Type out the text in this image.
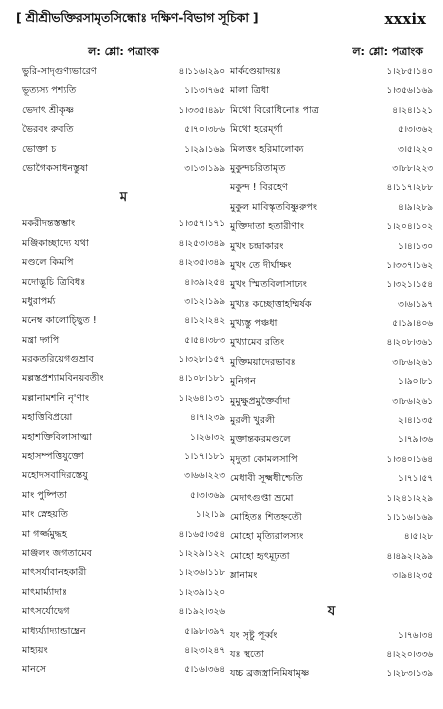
[ শ্রীশ্রীভক্তিরসামৃতসিন্ধোঃ দক্ষিণ-বিভাগ সূচিকা ]	xxxix
ল: শ্লো: পত্রাংক
ভুরি-সাদৃগুণ্যভারেণ	৪।১১৬।২৯০
ভূত্যস্য পশ্যতি	১।১৩।৭৬৫
ভেদাৎ শ্রীকৃষ্ণ	১।৩৩৫।৪৯৮
ভৈরবং রুবতি	৫।৭০।৩৮৬
ভোক্তা চ	১।২৯।১৬৯
ভোগৈকসাধনস্তুষা	৩।১৩।১৯৯
ম
মকরীদন্তস্তম্ভাং	১।৩৫৭।১৭১
মঞ্জিকাচ্ছাদ্যে যথা	৪।২৫৩।৩৪৯
মণ্ডলে কিমপি	৪।২৩৫।৩৪৯
মদোদ্ভূচি ত্রিবিধঃ	৪।৩৯।২৫৪
মধুরাপর্ম্য	৩।১২।১৯৯
মনেম্ব কালোচ্ছ্বিত !	৪।১২।২৪২
মন্ত্রা দ্গপি	৫।৫৪।৩৮৩
মরকতরিয়েগগুম্রাব	১।৩২৮।১৫৭
মল্লস্তপ্রশ্যামবিনয়বতীং	৪।১০৮।১৮১
মল্লানামশনি নৃ'ণাং	১।২৬৪।১৩১
মহাত্তিবিপ্রয়ো	৪।৭।২৩৯
মহাশক্তিবিলাসাত্মা	১।২৬।৩২
মহাসম্পত্তিযুক্তো	১।১৭।১৮১
মহোদসবাদিরস্তেযু	৩।৬৬।২২৩
মাং পুষ্পিতা	৫।৩।৩৬৯
মাং স্নেহয়তি	১।২।১৯
মা গৰ্জ্জমুদ্ধহ	৪।১৬৫।৩৫৪
মাঞ্জলং জগতামেব	১।২২৯।১২২
মাৎসর্যাবানহকারী	১।২৩৬।১১৮
মাৎমার্ম্যাদাঃ	১।২৩৯।১২০
মাৎসর্যোদ্বেগ	৪।১৯২।৩২৬
মাধ্যর্য্যাদ্যান্ডাম্ব্রেন	৫।৯৮।৩৯৭
মাহ্যয়ং	৪।২৩।২৪৭
মানসে	৫।১৬।৩৬৪
ল: শ্লো: পত্রাংক
মার্কণ্ডেয়াদয়ঃ	১।২৮৫।১৪০
মালা ত্রিধা	১।৩৫৬।১৬৯
মিথো বিরোধিনোঃ পাত্র	৪।২৪।১২১
মিথো হরের্ম্গা	৫।৩।৩৬২
মিলত্তং হরিমালোক্য	৩।৫।২২০
মুকুন্দচরিতামৃত	৩।৮৮।২২৩
মকুন্দ ! বিরহেণ	৪।১১৭।২৮৮
মুকুল মাবিস্কৃতবিষ্ণুরুপং	৪।৯।২৮৯
মুক্তিদাতা হতারীণাং	১।২০৪।১০২
মুখং চন্দ্রাকারং	১।৪।১৩০
মুখং তে দীর্ঘাক্ষং	১।৩৩৭।১৬২
মুখং স্মিতবিলাসাঢ্যং	১।৩২১।১৫৪
মুখ্যঃ কচ্ছোত্তাহম্মির্ষক	৩।৬।১৯৭
মুখ্যস্তু পঞ্চধা	৫।১৯।৪০৬
মুখ্যামেব রতিং	৪।২০৮।৩৬১
মুক্তিময়াদেরভাবঃ	৩।৮৬।২৬১
মুনিগন	১।৯০।৮১
মুমুক্ষুপ্রমুক্তৈর্বাদা	৩।৮৬।২৬১
মুরলী খুরলী	২।৪।১৩৫
মুক্তান্তকরমণ্ডলে	১।৭৯।৩৬
মৃদুতা কোমলসাপি	১।৩৪০।১৬৪
মেধাবী সূক্ষ্মধীশ্চেতি	১।৭১।৫৭
মেদাৎগুপ্তা ভ্রমো	১।২৪১।২২৯
মোহিতঃ শিতহ্নতৌ	১।১১৬।১৬৯
মোহো মৃত্যিরালস্যং	৪।৫।২৮
মোহো হৃৎমূঢ়তা	৪।৪৯২।২৯৯
ম্লানামং	৩।৯৪।২৩৫
য
যং সৃষ্টু পূর্ব্বং	১।৭৬।৩৪
যঃ স্থতো	৪।২২০।৩৩৬
যচ্চ ব্রজস্ত্রানিমিষামৃষ্ণ	১।২৮৩।১৩৯
